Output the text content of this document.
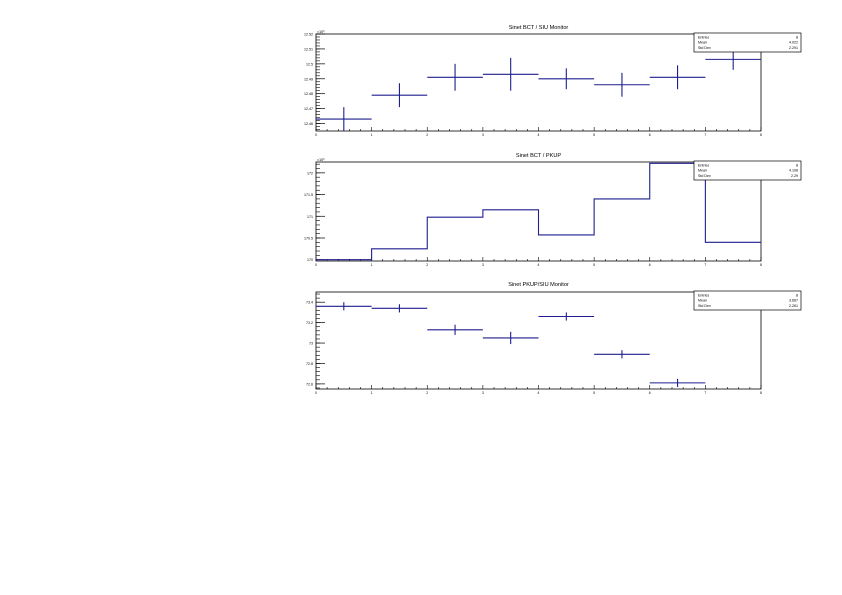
Sinet BCT / SIU Monitor
12.46
12.47
12.48
12.49
12.5
12.51
12.52
×10³
0	1	2	3	4	5	6	7	8
Entries	8
Mean	4.022
Std Dev	2.291
Sinet BCT / PKUP
170
170.5
171
171.5
172
×10³
0	1	2	3	4	5	6	7	8
Entries	8
Mean	4.108
Std Dev	2.29
Sinet PKUP/SIU Monitor
72.6
72.8
73
73.2
73.4
0	1	2	3	4	5	6	7	8
Entries	8
Mean	3.667
Std Dev	2.261
